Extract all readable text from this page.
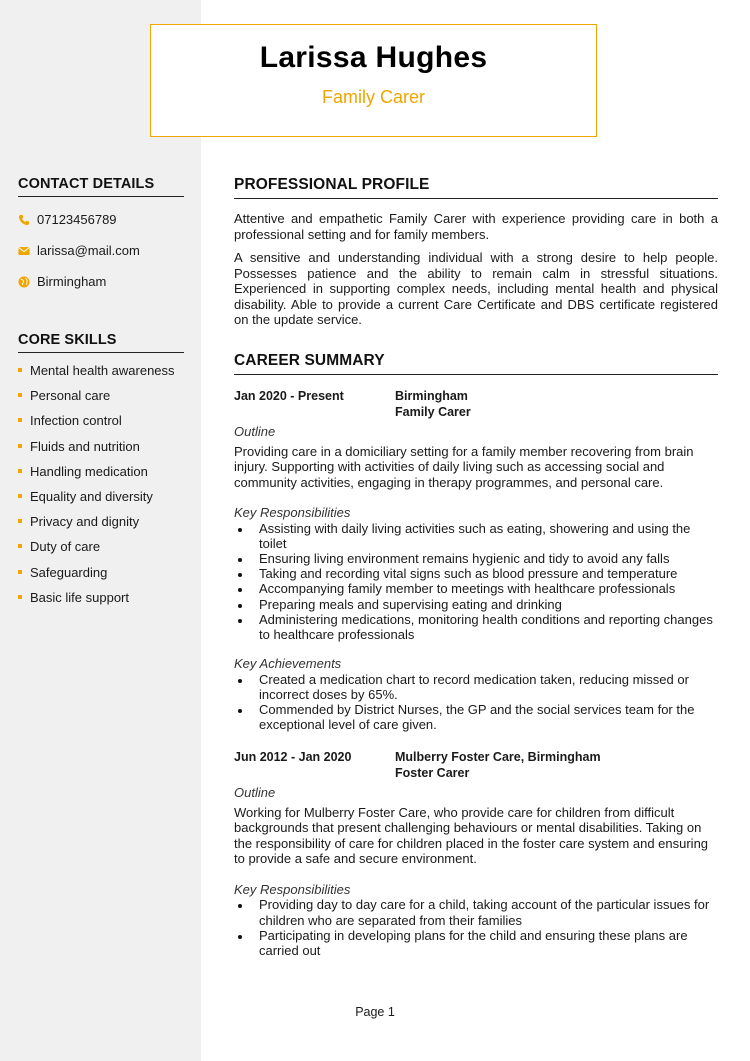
Larissa Hughes
Family Carer
CONTACT DETAILS
07123456789
larissa@mail.com
Birmingham
CORE SKILLS
Mental health awareness
Personal care
Infection control
Fluids and nutrition
Handling medication
Equality and diversity
Privacy and dignity
Duty of care
Safeguarding
Basic life support
PROFESSIONAL PROFILE

Attentive and empathetic Family Carer with experience providing care in both a professional setting and for family members.

A sensitive and understanding individual with a strong desire to help people. Possesses patience and the ability to remain calm in stressful situations. Experienced in supporting complex needs, including mental health and physical disability. Able to provide a current Care Certificate and DBS certificate registered on the update service.

CAREER SUMMARY
Jan 2020 - Present	Birmingham
Family Carer
Outline

Providing care in a domiciliary setting for a family member recovering from brain injury. Supporting with activities of daily living such as accessing social and community activities, engaging in therapy programmes, and personal care.

Key Responsibilities
Assisting with daily living activities such as eating, showering and using the toilet
Ensuring living environment remains hygienic and tidy to avoid any falls
Taking and recording vital signs such as blood pressure and temperature
Accompanying family member to meetings with healthcare professionals
Preparing meals and supervising eating and drinking
Administering medications, monitoring health conditions and reporting changes to healthcare professionals
Key Achievements
Created a medication chart to record medication taken, reducing missed or incorrect doses by 65%.
Commended by District Nurses, the GP and the social services team for the exceptional level of care given.
Jun 2012 - Jan 2020	Mulberry Foster Care, Birmingham
Foster Carer
Outline

Working for Mulberry Foster Care, who provide care for children from difficult backgrounds that present challenging behaviours or mental disabilities. Taking on the responsibility of care for children placed in the foster care system and ensuring to provide a safe and secure environment.

Key Responsibilities
Providing day to day care for a child, taking account of the particular issues for children who are separated from their families
Participating in developing plans for the child and ensuring these plans are carried out
Page 1
